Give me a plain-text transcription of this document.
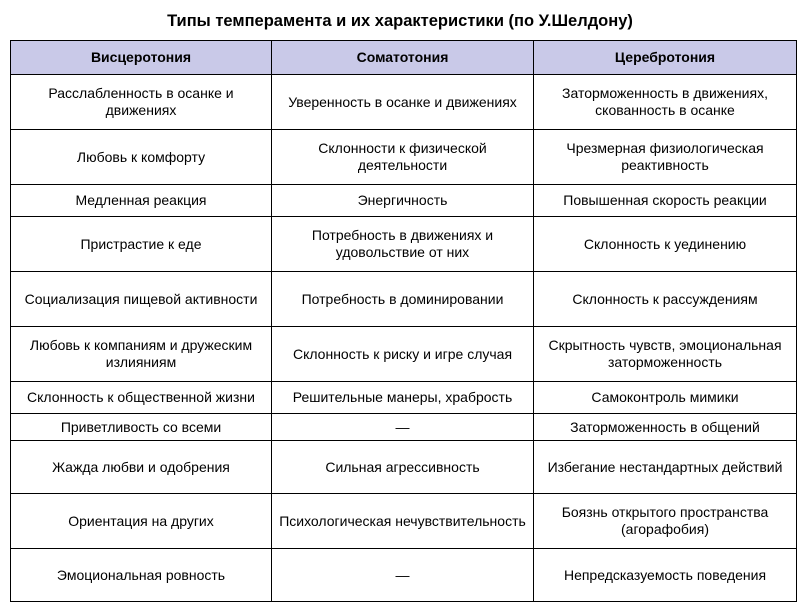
Типы темперамента и их характеристики (по У.Шелдону)
Висцеротония	Соматотония	Церебротония
Расслабленность в осанке и движениях	Уверенность в осанке и движениях	Заторможенность в движениях, скованность в осанке
Любовь к комфорту	Склонности к физической деятельности	Чрезмерная физиологическая реактивность
Медленная реакция	Энергичность	Повышенная скорость реакции
Пристрастие к еде	Потребность в движениях и удовольствие от них	Склонность к уединению
Социализация пищевой активности	Потребность в доминировании	Склонность к рассуждениям
Любовь к компаниям и дружеским излияниям	Склонность к риску и игре случая	Скрытность чувств, эмоциональная заторможенность
Склонность к общественной жизни	Решительные манеры, храбрость	Самоконтроль мимики
Приветливость со всеми	—	Заторможенность в общений
Жажда любви и одобрения	Сильная агрессивность	Избегание нестандартных действий
Ориентация на других	Психологическая нечувствительность	Боязнь открытого пространства (агорафобия)
Эмоциональная ровность	—	Непредсказуемость поведения
